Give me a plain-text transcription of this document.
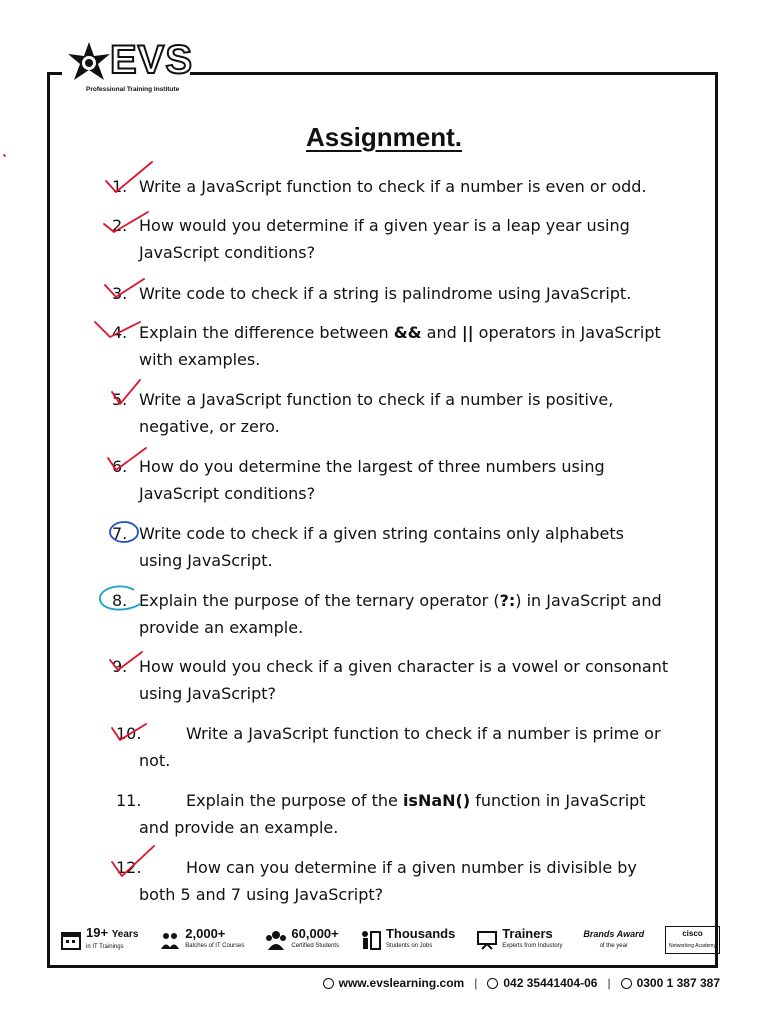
EVS
Professional Training Institute
Assignment.
1. Write a JavaScript function to check if a number is even or odd.
2. How would you determine if a given year is a leap year using JavaScript conditions?
3. Write code to check if a string is palindrome using JavaScript.
4. Explain the difference between && and || operators in JavaScript with examples.
5. Write a JavaScript function to check if a number is positive, negative, or zero.
6. How do you determine the largest of three numbers using JavaScript conditions?
7. Write code to check if a given string contains only alphabets using JavaScript.
8. Explain the purpose of the ternary operator (?:) in JavaScript and provide an example.
9. How would you check if a given character is a vowel or consonant using JavaScript?
10.	Write a JavaScript function to check if a number is prime or not.
11.	Explain the purpose of the isNaN() function in JavaScript and provide an example.
12.	How can you determine if a given number is divisible by both 5 and 7 using JavaScript?
19+ Years
in IT Trainings
2,000+
Batches of IT Courses
60,000+
Certified Students
Thousands
Students on Jobs
Trainers
Experts from Industory
Brands Award
of the year
cisco
Networking Academy
www.evslearning.com | 042 35441404-06 | 0300 1 387 387
